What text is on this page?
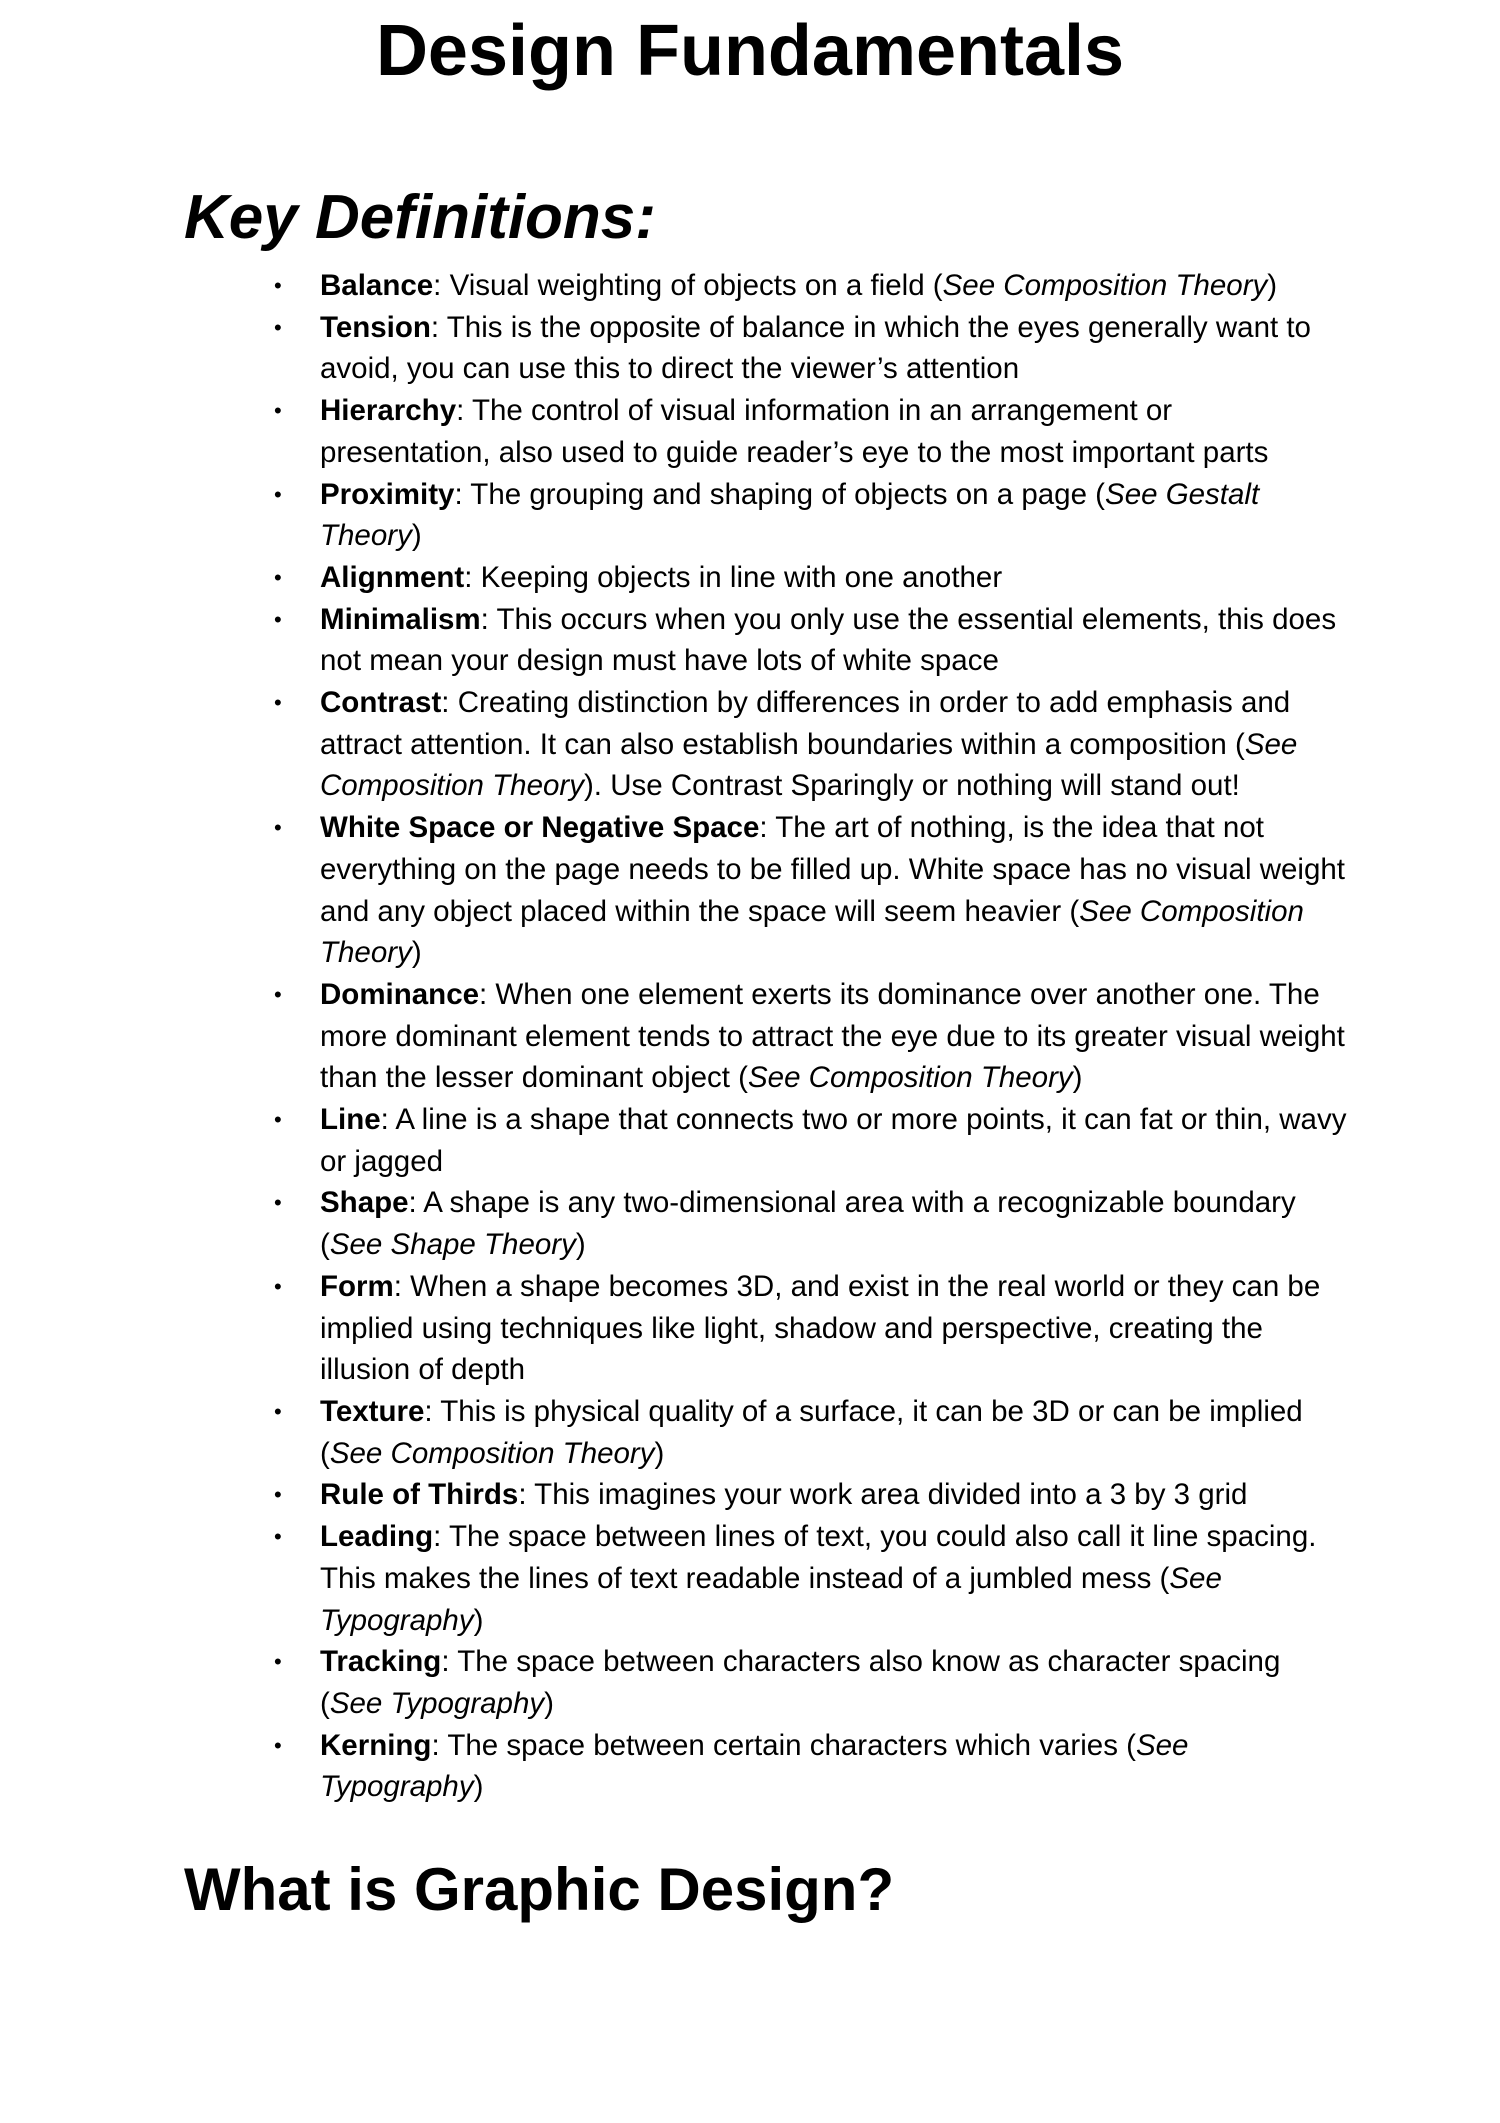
Design Fundamentals
Key Definitions:
• Balance: Visual weighting of objects on a field (See Composition Theory)
• Tension: This is the opposite of balance in which the eyes generally want to avoid, you can use this to direct the viewer’s attention
• Hierarchy: The control of visual information in an arrangement or presentation, also used to guide reader’s eye to the most important parts
• Proximity: The grouping and shaping of objects on a page (See Gestalt Theory)
• Alignment: Keeping objects in line with one another
• Minimalism: This occurs when you only use the essential elements, this does not mean your design must have lots of white space
• Contrast: Creating distinction by differences in order to add emphasis and attract attention. It can also establish boundaries within a composition (See Composition Theory). Use Contrast Sparingly or nothing will stand out!
• White Space or Negative Space: The art of nothing, is the idea that not everything on the page needs to be filled up. White space has no visual weight and any object placed within the space will seem heavier (See Composition Theory)
• Dominance: When one element exerts its dominance over another one. The more dominant element tends to attract the eye due to its greater visual weight than the lesser dominant object (See Composition Theory)
• Line: A line is a shape that connects two or more points, it can fat or thin, wavy or jagged
• Shape: A shape is any two-dimensional area with a recognizable boundary (See Shape Theory)
• Form: When a shape becomes 3D, and exist in the real world or they can be implied using techniques like light, shadow and perspective, creating the illusion of depth
• Texture: This is physical quality of a surface, it can be 3D or can be implied (See Composition Theory)
• Rule of Thirds: This imagines your work area divided into a 3 by 3 grid
• Leading: The space between lines of text, you could also call it line spacing. This makes the lines of text readable instead of a jumbled mess (See Typography)
• Tracking: The space between characters also know as character spacing (See Typography)
• Kerning: The space between certain characters which varies (See Typography)
What is Graphic Design?
